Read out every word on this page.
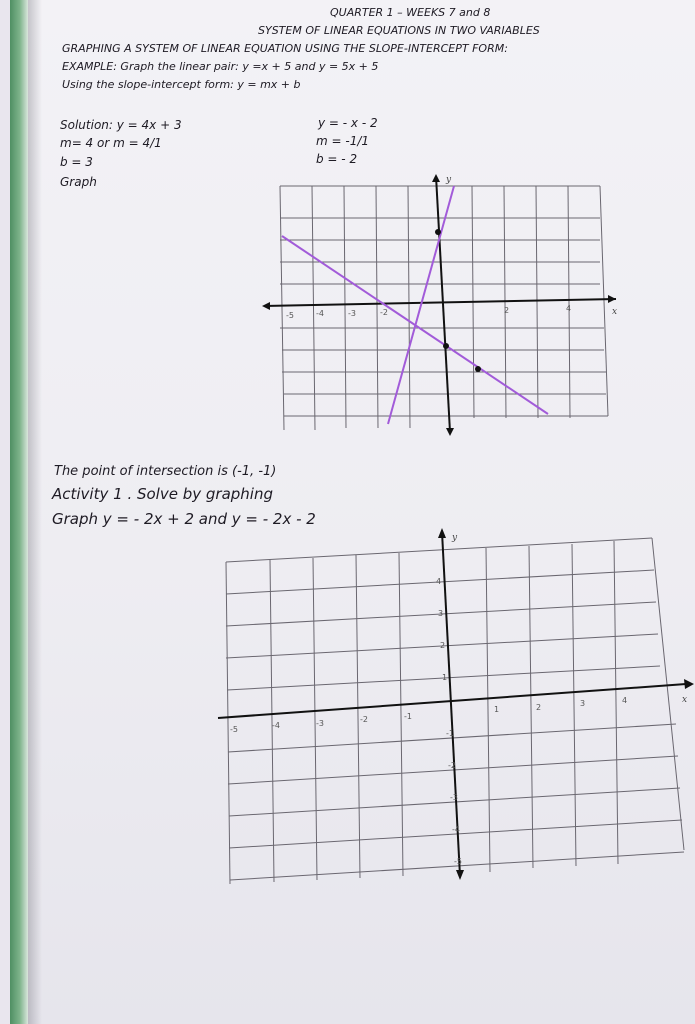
QUARTER 1 – WEEKS 7 and 8
SYSTEM OF LINEAR EQUATIONS IN TWO VARIABLES
GRAPHING A SYSTEM OF LINEAR EQUATION USING THE SLOPE-INTERCEPT FORM:
EXAMPLE: Graph the linear pair: y =x + 5 and y = 5x + 5
Using the slope-intercept form: y = mx + b
Solution: y = 4x + 3
m= 4 or m = 4/1
b = 3
Graph
y = - x - 2
m = -1/1
b = - 2
-5	-4	-3	-2	2	4	x
y
The point of intersection is (-1, -1)
Activity 1 . Solve by graphing
Graph y = - 2x + 2 and y = - 2x - 2
-5	-4	-3	-2	-1
1	2	3	4
4
3
2
1
-1
-2
-3
-4
-5
x
y
